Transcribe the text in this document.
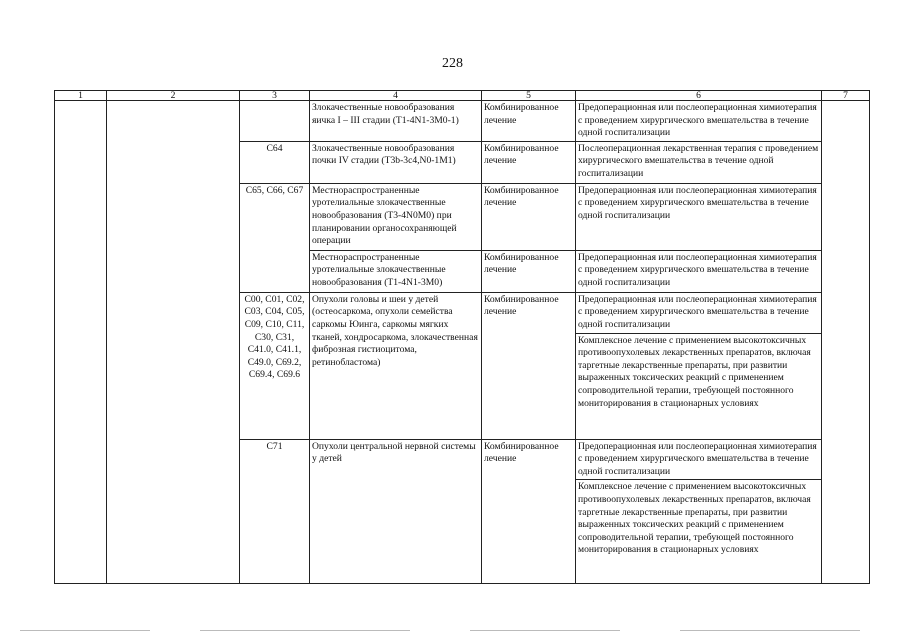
228
1	2	3	4	5	6	7
			Злокачественные новообразования яичка I – III стадии (T1-4N1-3M0-1)	Комбинированное лечение	Предоперационная или послеоперационная химиотерапия с проведением хирургического вмешательства в течение одной госпитализации	
		C64	Злокачественные новообразования почки IV стадии (T3b-3c4,N0-1M1)	Комбинированное лечение	Послеоперационная лекарственная терапия с проведением хирургического вмешательства в течение одной госпитализации	
		C65, C66, C67	Местнораспространенные уротелиальные злокачественные новообразования (T3-4N0M0) при планировании органосохраняющей операции	Комбинированное лечение	Предоперационная или послеоперационная химиотерапия с проведением хирургического вмешательства в течение одной госпитализации	
			Местнораспространенные уротелиальные злокачественные новообразования (T1-4N1-3M0)	Комбинированное лечение	Предоперационная или послеоперационная химиотерапия с проведением хирургического вмешательства в течение одной госпитализации	
		C00, C01, C02, C03, C04, C05, C09, C10, C11, C30, C31, C41.0, C41.1, C49.0, C69.2, C69.4, C69.6	Опухоли головы и шеи у детей (остеосаркома, опухоли семейства саркомы Юинга, саркомы мягких тканей, хондросаркома, злокачественная фиброзная гистиоцитома, ретинобластома)	Комбинированное лечение	Предоперационная или послеоперационная химиотерапия с проведением хирургического вмешательства в течение одной госпитализации	
					Комплексное лечение с применением высокотоксичных противоопухолевых лекарственных препаратов, включая таргетные лекарственные препараты, при развитии выраженных токсических реакций с применением сопроводительной терапии, требующей постоянного мониторирования в стационарных условиях	
		C71	Опухоли центральной нервной системы у детей	Комбинированное лечение	Предоперационная или послеоперационная химиотерапия с проведением хирургического вмешательства в течение одной госпитализации	
					Комплексное лечение с применением высокотоксичных противоопухолевых лекарственных препаратов, включая таргетные лекарственные препараты, при развитии выраженных токсических реакций с применением сопроводительной терапии, требующей постоянного мониторирования в стационарных условиях	
